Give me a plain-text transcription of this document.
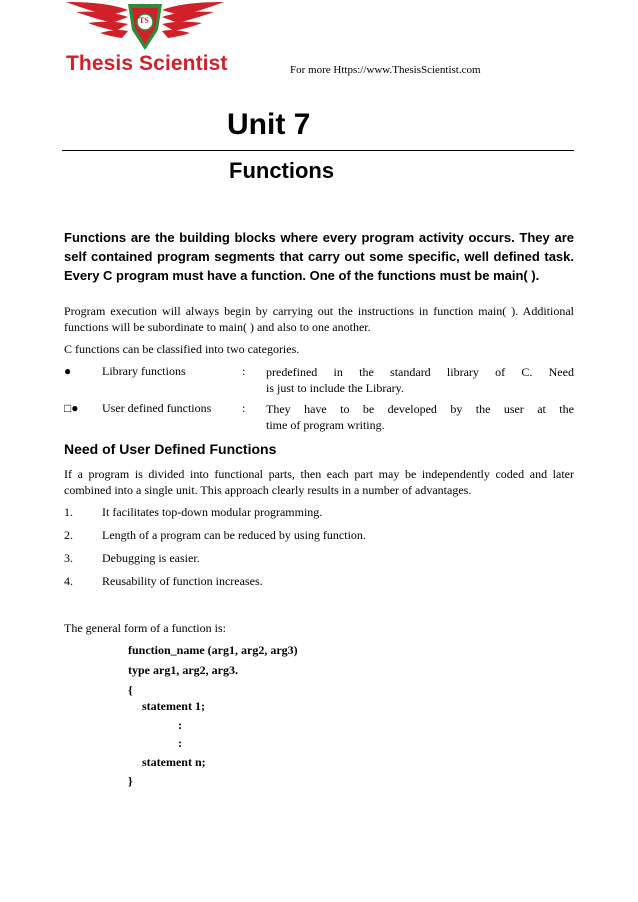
TS
Thesis Scientist	For more Https://www.ThesisScientist.com
Unit 7
Functions
Functions are the building blocks where every program activity occurs. They are self contained program segments that carry out some specific, well defined task. Every C program must have a function. One of the functions must be main( ).
Program execution will always begin by carrying out the instructions in function main( ). Additional functions will be subordinate to main( ) and also to one another.
C functions can be classified into two categories.
●	Library functions	: predefined in the standard library of C. Need
is just to include the Library.
□● User defined functions	: They have to be developed by the user at the
time of program writing.
Need of User Defined Functions
If a program is divided into functional parts, then each part may be independently coded and later combined into a single unit. This approach clearly results in a number of advantages.
1. It facilitates top-down modular programming.
2. Length of a program can be reduced by using function.
3. Debugging is easier.
4. Reusability of function increases.
The general form of a function is:
function_name (arg1, arg2, arg3)
type arg1, arg2, arg3.
{
statement 1;
:
:
statement n;
}
